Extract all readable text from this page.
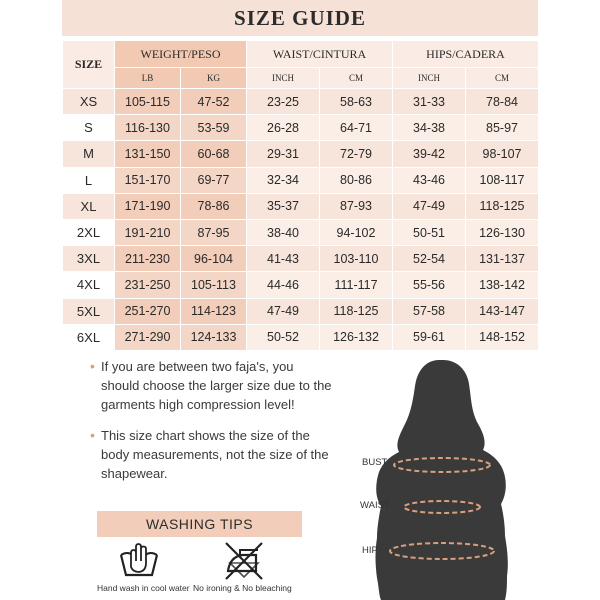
SIZE GUIDE
SIZE	WEIGHT/PESO		WAIST/CINTURA		HIPS/CADERA	
	LB	KG	INCH	CM	INCH	CM
XS	105-115	47-52	23-25	58-63	31-33	78-84
S	116-130	53-59	26-28	64-71	34-38	85-97
M	131-150	60-68	29-31	72-79	39-42	98-107
L	151-170	69-77	32-34	80-86	43-46	108-117
XL	171-190	78-86	35-37	87-93	47-49	118-125
2XL	191-210	87-95	38-40	94-102	50-51	126-130
3XL	211-230	96-104	41-43	103-110	52-54	131-137
4XL	231-250	105-113	44-46	111-117	55-56	138-142
5XL	251-270	114-123	47-49	118-125	57-58	143-147
6XL	271-290	124-133	50-52	126-132	59-61	148-152
• If you are between two faja's, you should choose the larger size due to the garments high compression level!
• This size chart shows the size of the body measurements, not the size of the shapewear.
WASHING TIPS
Hand wash in cool water No ironing & No bleaching
BUST
WAIST
HIP
